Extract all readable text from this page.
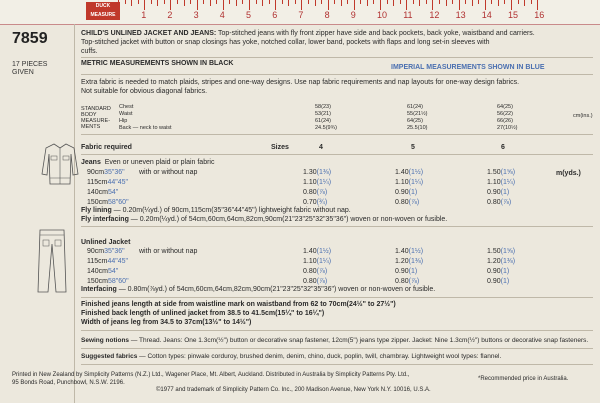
DUCK MEASURE	1 2 3 4 5 6 7 8 9 10 11 12 13 14 15 16
7859
17 PIECES
GIVEN
CHILD'S UNLINED JACKET AND JEANS: Top-stitched jeans with fly front zipper have side and back pockets, back yoke, waistband and carriers.
Top-stitched jacket with button or snap closings has yoke, notched collar, lower band, pockets with flaps and long set-in sleeves with
cuffs.
METRIC MEASUREMENTS SHOWN IN BLACK
IMPERIAL MEASUREMENTS SHOWN IN BLUE
Extra fabric is needed to match plaids, stripes and one-way designs. Use nap fabric requirements and nap layouts for one-way design fabrics.
Not suitable for obvious diagonal fabrics.
STANDARD
BODY
MEASURE-
MENTS
Chest	58(23)	61(24)	64(25)
Waist	53(21)	55(21½)	56(22)
Hip	61(24)	64(25)	66(26)
Back — neck to waist	24.5(9¾)	25.5(10)	27(10½)
cm(ins.)
Fabric required	Sizes	4	5	6
Jeans Even or uneven plaid or plain fabric
90cm35"36" with or without nap	1.30(1⅜)	1.40(1½)	1.50(1⅝)
115cm44"45"	1.10(1¼)	1.10(1¼)	1.10(1¼)
140cm54"	0.80(⅞)	0.90(1)	0.90(1)
150cm58"60"	0.70(¾)	0.80(⅞)	0.80(⅞)
m(yds.)
Fly lining — 0.20m(¼yd.) of 90cm,115cm(35"36"44"45") lightweight fabric without nap.
Fly interfacing — 0.20m(¼yd.) of 54cm,60cm,64cm,82cm,90cm(21"23"25"32"35"36") woven or non-woven or fusible.
Unlined Jacket
90cm35"36" with or without nap	1.40(1½)	1.40(1½)	1.50(1⅝)
115cm44"45"	1.10(1¼)	1.20(1⅜)	1.20(1⅜)
140cm54"	0.80(⅞)	0.90(1)	0.90(1)
150cm58"60"	0.80(⅞)	0.80(⅞)	0.90(1)
Interfacing — 0.80m(⅞yd.) of 54cm,60cm,64cm,82cm,90cm(21"23"25"32"35"36") woven or non-woven or fusible.
Finished jeans length at side from waistline mark on waistband from 62 to 70cm(24½" to 27½")
Finished back length of unlined jacket from 38.5 to 41.5cm(15¼" to 16¼")
Width of jeans leg from 34.5 to 37cm(13½" to 14½")
Sewing notions — Thread. Jeans: One 1.3cm(½") button or decorative snap fastener, 12cm(5") jeans type zipper. Jacket: Nine 1.3cm(½") buttons or decorative snap fasteners.
Suggested fabrics — Cotton types: pinwale corduroy, brushed denim, denim, chino, duck, poplin, twill, chambray. Lightweight wool types: flannel.
Printed in New Zealand by Simplicity Patterns (N.Z.) Ltd., Wagener Place, Mt. Albert, Auckland. Distributed in Australia by Simplicity Patterns Pty. Ltd.,
95 Bonds Road, Punchbowl, N.S.W. 2196.
*Recommended price in Australia.
©1977 and trademark of Simplicity Pattern Co. Inc., 200 Madison Avenue, New York N.Y. 10016, U.S.A.
